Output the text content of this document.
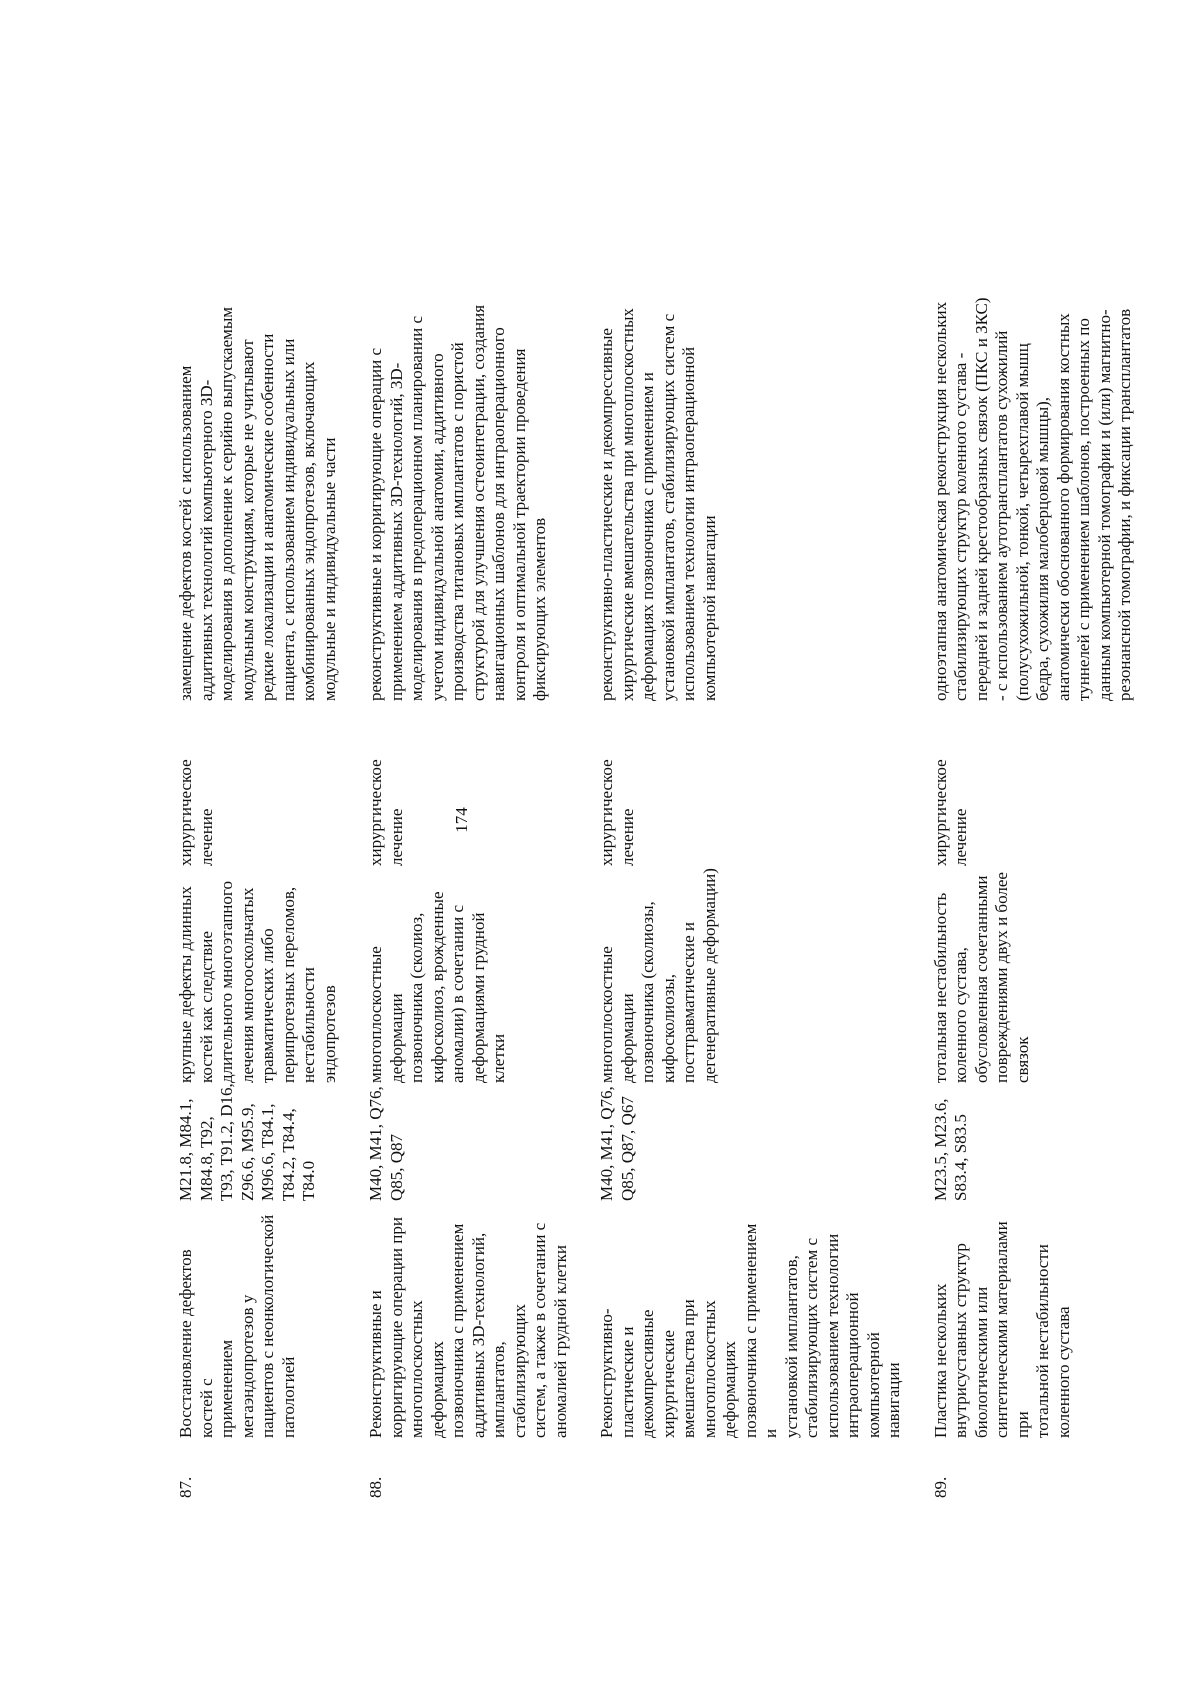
174
87.
Восстановление дефектов костей с
применением мегаэндопротезов у
пациентов с неонкологической
патологией
M21.8, M84.1,
M84.8, T92,
T93, T91.2, D16,
Z96.6, M95.9,
M96.6, T84.1,
T84.2, T84.4,
T84.0
крупные дефекты длинных
костей как следствие
длительного многоэтапного
лечения многооскольчатых
травматических либо
перипротезных переломов,
нестабильности эндопротезов
хирургическое
лечение
замещение дефектов костей с использованием
аддитивных технологий компьютерного 3D-
моделирования в дополнение к серийно выпускаемым
модульным конструкциям, которые не учитывают
редкие локализации и анатомические особенности
пациента, с использованием индивидуальных или
комбинированных эндопротезов, включающих
модульные и индивидуальные части
88.
Реконструктивные и
корригирующие операции при
многоплоскостных деформациях
позвоночника с применением
аддитивных 3D-технологий,
имплантатов, стабилизирующих
систем, а также в сочетании с
аномалией грудной клетки
M40, M41, Q76,
Q85, Q87
многоплоскостные деформации
позвоночника (сколиоз,
кифосколиоз, врожденные
аномалии) в сочетании с
деформациями грудной клетки
хирургическое
лечение
реконструктивные и корригирующие операции с
применением аддитивных 3D-технологий, 3D-
моделирования в предоперационном планировании с
учетом индивидуальной анатомии, аддитивного
производства титановых имплантатов с пористой
структурой для улучшения остеоинтеграции, создания
навигационных шаблонов для интраоперационного
контроля и оптимальной траектории проведения
фиксирующих элементов
Реконструктивно-пластические и
декомпрессивные хирургические
вмешательства при
многоплоскостных деформациях
позвоночника с применением и
установкой имплантатов,
стабилизирующих систем с
использованием технологии
интраоперационной компьютерной
навигации
M40, M41, Q76,
Q85, Q87, Q67
многоплоскостные деформации
позвоночника (сколиозы,
кифосколиозы,
посттравматические и
дегенеративные деформации)
хирургическое
лечение
реконструктивно-пластические и декомпрессивные
хирургические вмешательства при многоплоскостных
деформациях позвоночника с применением и
установкой имплантатов, стабилизирующих систем с
использованием технологии интраоперационной
компьютерной навигации
89.
Пластика нескольких
внутрисуставных структур
биологическими или
синтетическими материалами при
тотальной нестабильности
коленного сустава
M23.5, M23.6,
S83.4, S83.5
тотальная нестабильность
коленного сустава,
обусловленная сочетанными
повреждениями двух и более
связок
хирургическое
лечение
одноэтапная анатомическая реконструкция нескольких
стабилизирующих структур коленного сустава -
передней и задней крестообразных связок (ПКС и ЗКС)
- с использованием аутотрансплантатов сухожилий
(полусухожильной, тонкой, четырехглавой мышц
бедра, сухожилия малоберцовой мышцы),
анатомически обоснованного формирования костных
туннелей с применением шаблонов, построенных по
данным компьютерной томографии и (или) магнитно-
резонансной томографии, и фиксации трансплантатов
